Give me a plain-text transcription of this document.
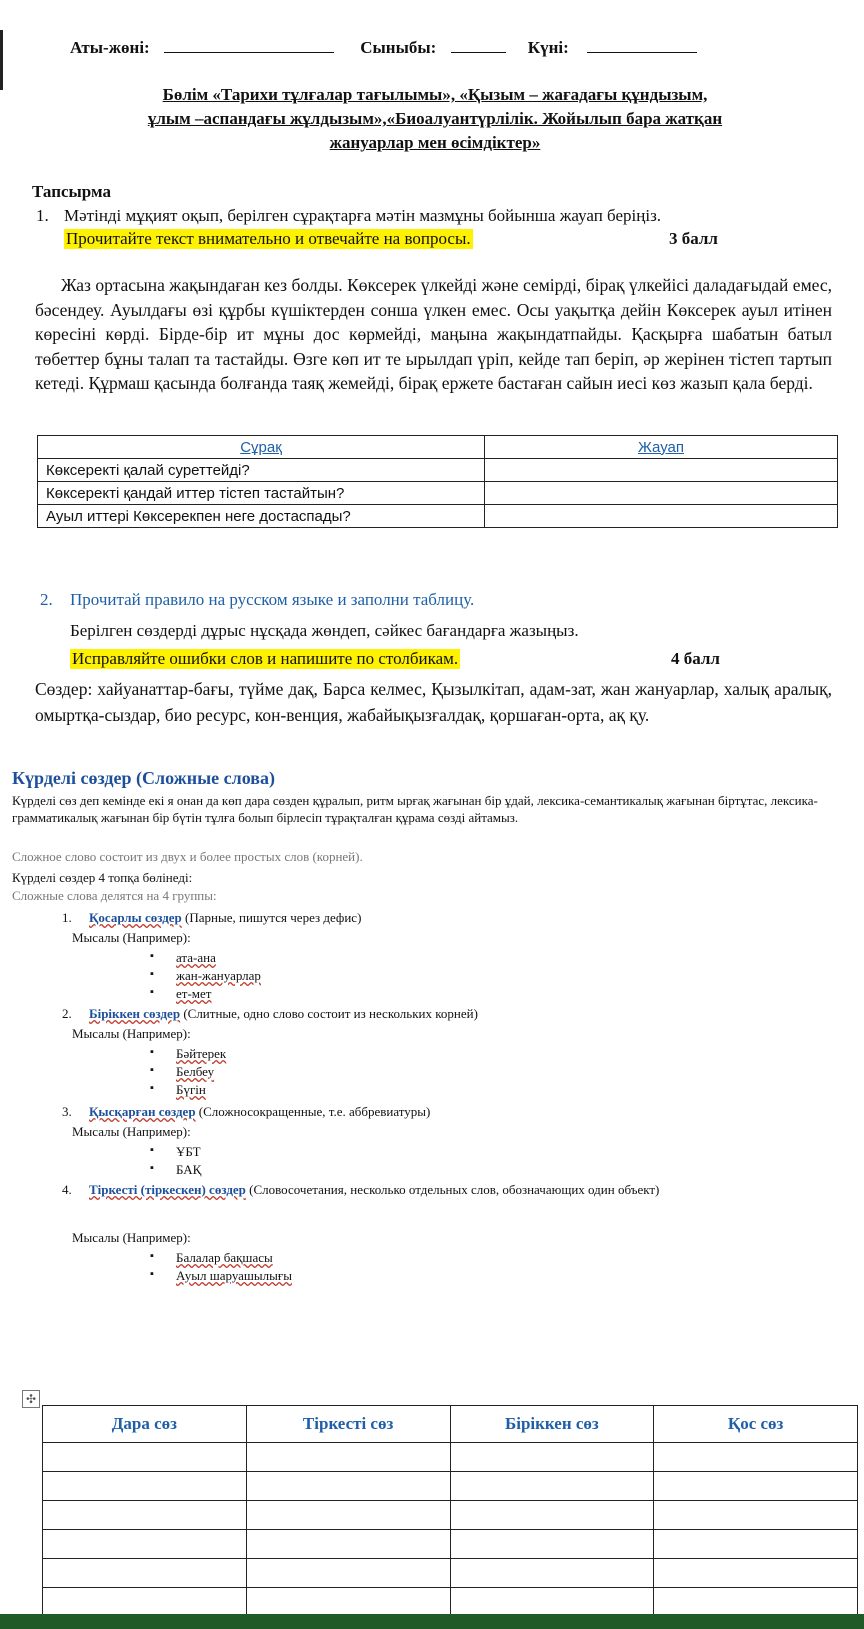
Аты-жөні:	Сыныбы:	Күні:
Бөлім «Тарихи тұлғалар тағылымы», «Қызым – жағадағы құндызым,
ұлым –аспандағы жұлдызым»,«Биоалуантүрлілік. Жойылып бара жатқан
жануарлар мен өсімдіктер»
Тапсырма
1. Мәтінді мұқият оқып, берілген сұрақтарға мәтін мазмұны бойынша жауап беріңіз.
Прочитайте текст внимательно и отвечайте на вопросы.	3 балл
Жаз ортасына жақындаған кез болды. Көксерек үлкейді және семірді, бірақ үлкейісі даладағыдай емес, бәсендеу. Ауылдағы өзі құрбы күшіктерден сонша үлкен емес. Осы уақытқа дейін Көксерек ауыл итінен көресіні көрді. Бірде-бір ит мұны дос көрмейді, маңына жақындатпайды. Қасқырға шабатын батыл төбеттер бұны талап та тастайды. Өзге көп ит те ырылдап үріп, кейде тап беріп, әр жерінен тістеп тартып кетеді. Құрмаш қасында болғанда таяқ жемейді, бірақ ержете бастаған сайын иесі көз жазып қала берді.
Сұрақ	Жауап
Көксеректі қалай суреттейді?	
Көксеректі қандай иттер тістеп тастайтын?	
Ауыл иттері Көксерекпен неге достаспады?	
2. Прочитай правило на русском языке и заполни таблицу.
Берілген сөздерді дұрыс нұсқада жөндеп, сәйкес бағандарға жазыңыз.
Исправляйте ошибки слов и напишите по столбикам.	4 балл
Сөздер: хайуанаттар-бағы, түйме дақ, Барса келмес, Қызылкітап, адам-зат, жан жануарлар, халық аралық, омыртқа-сыздар, био ресурс, кон-венция, жабайықызғалдақ, қоршаған-орта, ақ қу.
Күрделі сөздер (Сложные слова)
Күрделі сөз деп кемінде екі я онан да көп дара сөзден құралып, ритм ырғақ жағынан бір ұдай, лексика-семантикалық жағынан біртұтас, лексика-грамматикалық жағынан бір бүтін тұлға болып бірлесіп тұрақталған құрама сөзді айтамыз.
Сложное слово состоит из двух и более простых слов (корней).
Күрделі сөздер 4 топқа бөлінеді:
Сложные слова делятся на 4 группы:
1. Қосарлы сөздер (Парные, пишутся через дефис)
Мысалы (Например):
▪ ата-ана
▪ жан-жануарлар
▪ ет-мет
2. Біріккен сөздер (Слитные, одно слово состоит из нескольких корней)
Мысалы (Например):
▪ Бәйтерек
▪ Белбеу
▪ Бүгін
3. Қысқарған сөздер (Сложносокращенные, т.е. аббревиатуры)
Мысалы (Например):
▪ ҰБТ
▪ БАҚ
4. Тіркесті (тіркескен) сөздер (Словосочетания, несколько отдельных слов, обозначающих один объект)
Мысалы (Например):
▪ Балалар бақшасы
▪ Ауыл шаруашылығы
✣
Дара сөз	Тіркесті сөз	Біріккен сөз	Қос сөз
